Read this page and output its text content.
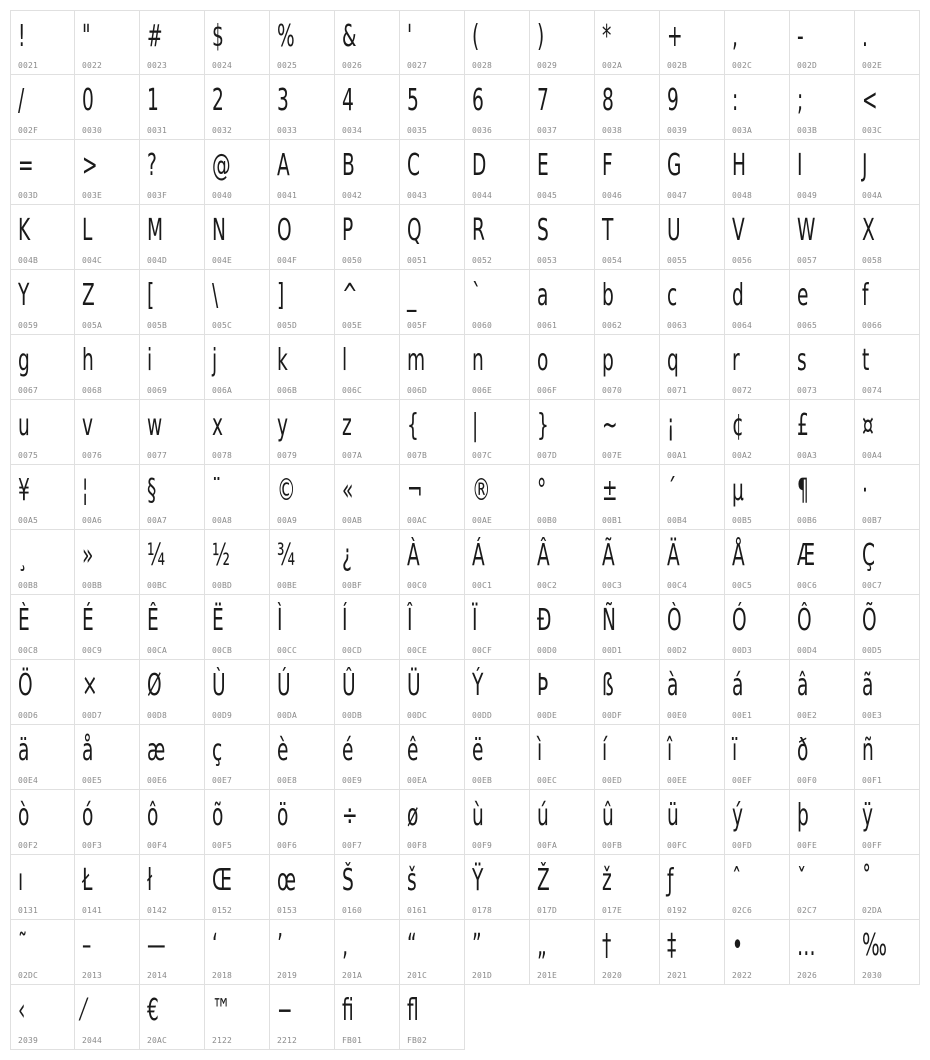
!
0021
"
0022
#
0023
$
0024
%
0025
&
0026
'
0027
(
0028
)
0029
*
002A
+
002B
,
002C
-
002D
.
002E
/
002F
0
0030
1
0031
2
0032
3
0033
4
0034
5
0035
6
0036
7
0037
8
0038
9
0039
:
003A
;
003B
<
003C
=
003D
>
003E
?
003F
@
0040
A
0041
B
0042
C
0043
D
0044
E
0045
F
0046
G
0047
H
0048
I
0049
J
004A
K
004B
L
004C
M
004D
N
004E
O
004F
P
0050
Q
0051
R
0052
S
0053
T
0054
U
0055
V
0056
W
0057
X
0058
Y
0059
Z
005A
[
005B
\
005C
]
005D
^
005E
_
005F
`
0060
a
0061
b
0062
c
0063
d
0064
e
0065
f
0066
g
0067
h
0068
i
0069
j
006A
k
006B
l
006C
m
006D
n
006E
o
006F
p
0070
q
0071
r
0072
s
0073
t
0074
u
0075
v
0076
w
0077
x
0078
y
0079
z
007A
{
007B
|
007C
}
007D
~
007E
¡
00A1
¢
00A2
£
00A3
¤
00A4
¥
00A5
¦
00A6
§
00A7
¨
00A8
©
00A9
«
00AB
¬
00AC
®
00AE
°
00B0
±
00B1
´
00B4
µ
00B5
¶
00B6
·
00B7
¸
00B8
»
00BB
¼
00BC
½
00BD
¾
00BE
¿
00BF
À
00C0
Á
00C1
Â
00C2
Ã
00C3
Ä
00C4
Å
00C5
Æ
00C6
Ç
00C7
È
00C8
É
00C9
Ê
00CA
Ë
00CB
Ì
00CC
Í
00CD
Î
00CE
Ï
00CF
Ð
00D0
Ñ
00D1
Ò
00D2
Ó
00D3
Ô
00D4
Õ
00D5
Ö
00D6
×
00D7
Ø
00D8
Ù
00D9
Ú
00DA
Û
00DB
Ü
00DC
Ý
00DD
Þ
00DE
ß
00DF
à
00E0
á
00E1
â
00E2
ã
00E3
ä
00E4
å
00E5
æ
00E6
ç
00E7
è
00E8
é
00E9
ê
00EA
ë
00EB
ì
00EC
í
00ED
î
00EE
ï
00EF
ð
00F0
ñ
00F1
ò
00F2
ó
00F3
ô
00F4
õ
00F5
ö
00F6
÷
00F7
ø
00F8
ù
00F9
ú
00FA
û
00FB
ü
00FC
ý
00FD
þ
00FE
ÿ
00FF
ı
0131
Ł
0141
ł
0142
Œ
0152
œ
0153
Š
0160
š
0161
Ÿ
0178
Ž
017D
ž
017E
ƒ
0192
ˆ
02C6
ˇ
02C7
˚
02DA
˜
02DC
–
2013
—
2014
‘
2018
’
2019
‚
201A
“
201C
”
201D
„
201E
†
2020
‡
2021
•
2022
…
2026
‰
2030
‹
2039
⁄
2044
€
20AC
™
2122
−
2212
ﬁ
FB01
ﬂ
FB02
